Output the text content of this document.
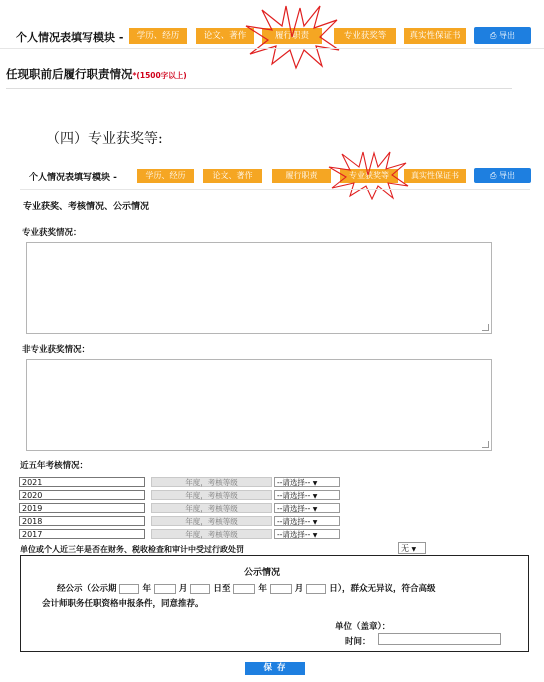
个人情况表填写模块 -	学历、经历	论文、著作	履行职责	专业获奖等	真实性保证书	⎙ 导出
任现职前后履行职责情况*(1500字以上)
（四）专业获奖等:
个人情况表填写模块 -	学历、经历	论文、著作	履行职责	专业获奖等	真实性保证书	⎙ 导出
专业获奖、考核情况、公示情况
专业获奖情况：
非专业获奖情况：
近五年考核情况：
2021	年度，考核等级	--请选择-- ▼
2020	年度，考核等级	--请选择-- ▼
2019	年度，考核等级	--请选择-- ▼
2018	年度，考核等级	--请选择-- ▼
2017	年度，考核等级	--请选择-- ▼
单位或个人近三年是否在财务、税收检查和审计中受过行政处罚	无 ▼
公示情况
经公示（公示期	年	月	日至	年	月	日），群众无异议，符合高级
会计师职务任职资格申报条件，同意推荐。
单位（盖章）：
时间：
保 存
